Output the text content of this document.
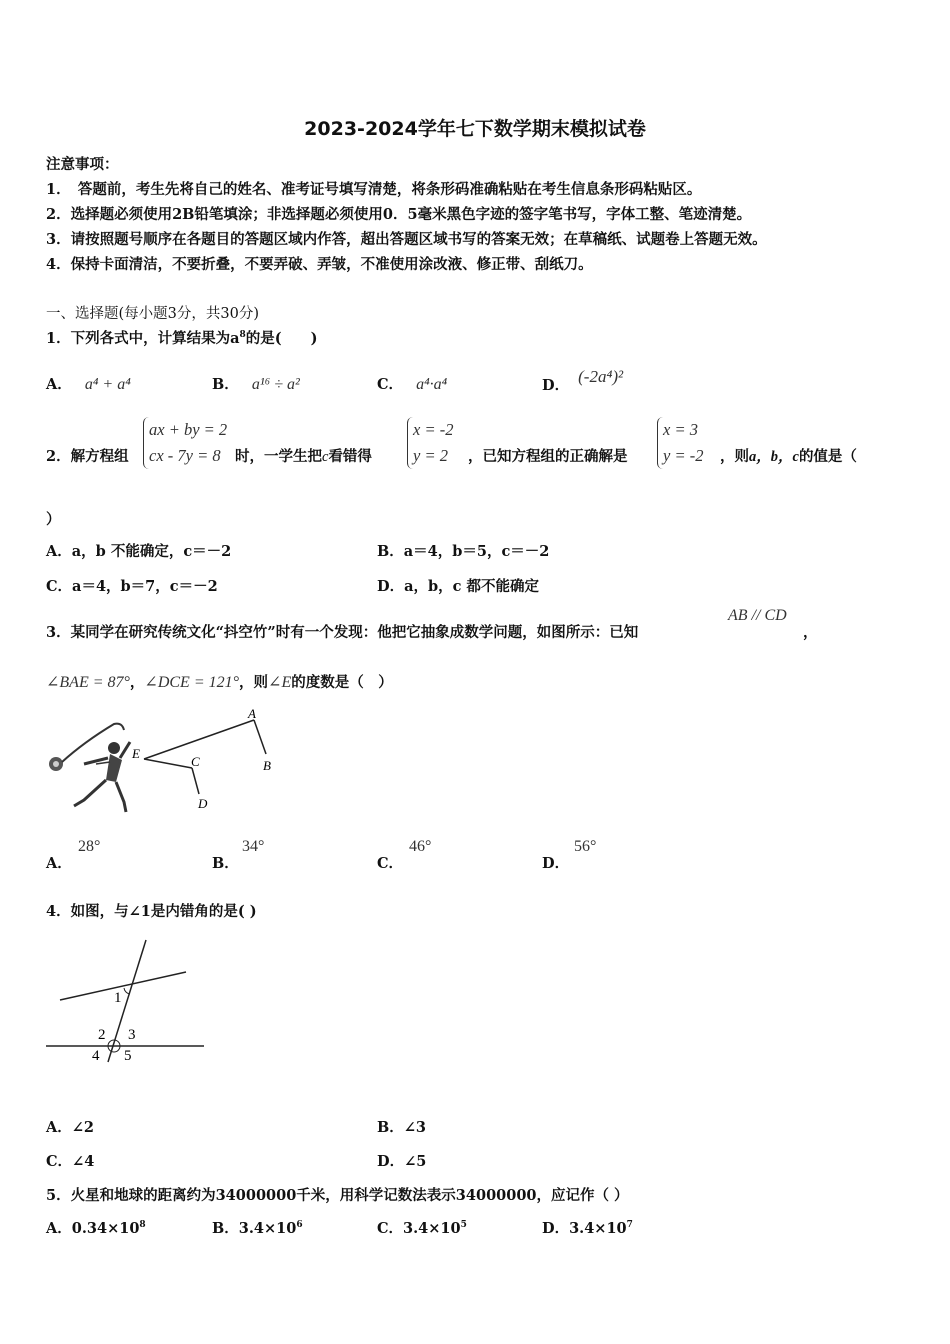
2023-2024学年七下数学期末模拟试卷
注意事项：
1．　答题前，考生先将自己的姓名、准考证号填写清楚，将条形码准确粘贴在考生信息条形码粘贴区。
2．选择题必须使用2B铅笔填涂；非选择题必须使用0．5毫米黑色字迹的签字笔书写，字体工整、笔迹清楚。
3．请按照题号顺序在各题目的答题区域内作答，超出答题区域书写的答案无效；在草稿纸、试题卷上答题无效。
4．保持卡面清洁，不要折叠，不要弄破、弄皱，不准使用涂改液、修正带、刮纸刀。
一、选择题(每小题3分，共30分)
1．下列各式中，计算结果为$a^8$的是(　　)
A． a⁴ + a⁴	B． a¹⁶ ÷ a²	C． a⁴·a⁴	D． (-2a⁴)²
2．解方程组
ax + by = 2
cx - 7y = 8 时，一学生把c看错得
x = -2
y = 2	，已知方程组的正确解是
x = 3
y = -2 ，则a，b，c的值是（
）
A．a，b 不能确定，c＝－2	B．a＝4，b＝5，c＝－2
C．a＝4，b＝7，c＝－2	D．a，b，c 都不能确定
3．某同学在研究传统文化“抖空竹”时有一个发现：他把它抽象成数学问题，如图所示：已知
AB // CD
，
∠BAE = 87°，∠DCE = 121°，则∠E的度数是（　）
A
B
C
D
E
A．
28°
B．
34°
C．
46°
D．
56°
4．如图，与∠1是内错角的是( )
1
2 3
4 5
A．∠2	B．∠3
C．∠4	D．∠5
5．火星和地球的距离约为34000000千米，用科学记数法表示34000000，应记作（ ）
A．$0.34\times 10^8$	B．$3.4\times 10^6$	C．$3.4\times 10^5$	D．$3.4\times 10^7$
